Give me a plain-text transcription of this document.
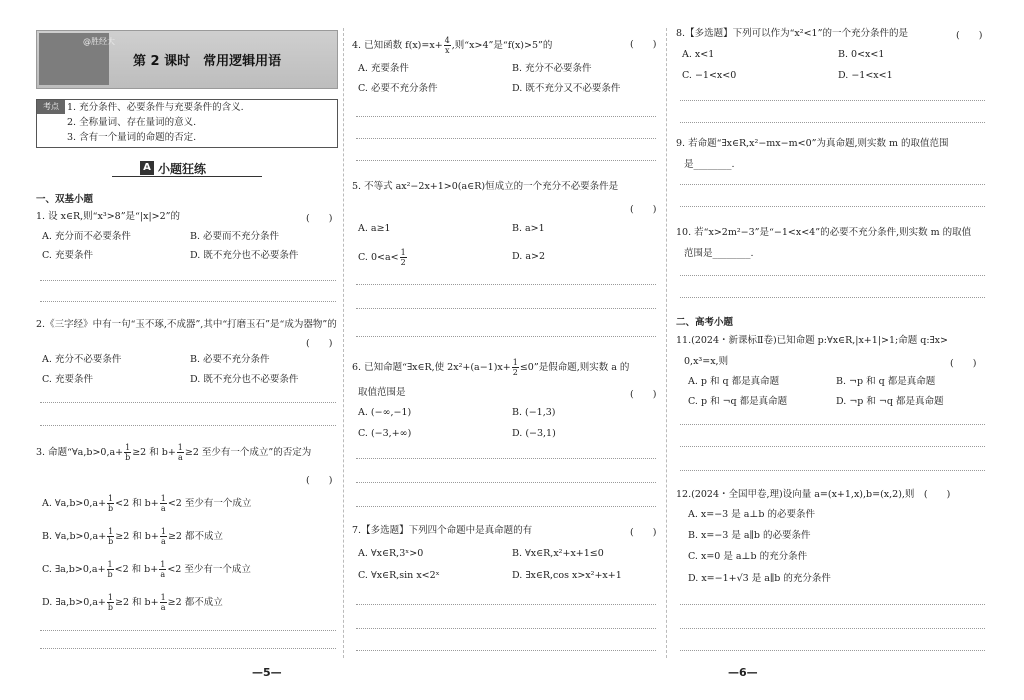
@胜经大
第 2 课时　常用逻辑用语
考点 1. 充分条件、必要条件与充要条件的含义.
2. 全称量词、存在量词的意义.
3. 含有一个量词的命题的否定.
A 小题狂练
一、双基小题
1. 设 x∈R,则“x³>8”是“|x|>2”的	(　　)
A. 充分而不必要条件	B. 必要而不充分条件
C. 充要条件	D. 既不充分也不必要条件
2.《三字经》中有一句“玉不琢,不成器”,其中“打磨玉石”是“成为器物”的
(　　)
A. 充分不必要条件	B. 必要不充分条件
C. 充要条件	D. 既不充分也不必要条件
3. 命题“∀a,b>0,a+ $\frac{1}{b} \ge 2$ 和 $b+ \frac{1}{a} \ge 2$ 至少有一个成立”的否定为
(　　)
A. ∀a,b>0,a+ $\frac{1}{b} <2$ 和 $b+ \frac{1}{a} <2$ 至少有一个成立
B. ∀a,b>0,a+ $\frac{1}{b} \ge 2$ 和 $b+ \frac{1}{a} \ge 2$ 都不成立
C. ∃a,b>0,a+ $\frac{1}{b} <2$ 和 $b+ \frac{1}{a} <2$ 至少有一个成立
D. ∃a,b>0,a+ $\frac{1}{b} \ge 2$ 和 $b+ \frac{1}{a} \ge 2$ 都不成立
—5—
4. 已知函数 $f(x)=x+ \frac{4}{x}$ ,则“x>4”是“f(x)>5”的	(　　)
A. 充要条件	B. 充分不必要条件
C. 必要不充分条件	D. 既不充分又不必要条件
5. 不等式 ax²−2x+1>0(a∈R)恒成立的一个充分不必要条件是
(　　)
A. a≥1	B. a>1
C. $0<a< \frac{1}{2}$	D. a>2
6. 已知命题“∃x∈R,使 $2x^2+(a-1)x+ \frac{1}{2} \le 0$”是假命题,则实数 a 的
取值范围是	(　　)
A. (−∞,−1)	B. (−1,3)
C. (−3,+∞)	D. (−3,1)
7.【多选题】下列四个命题中是真命题的有	(　　)
A. ∀x∈R,3ˣ>0	B. ∀x∈R,x²+x+1≤0
C. ∀x∈R,sin x<2ˣ	D. ∃x∈R,cos x>x²+x+1
8.【多选题】下列可以作为“x²<1”的一个充分条件的是	(　　)
A. x<1	B. 0<x<1
C. −1<x<0	D. −1<x<1
9. 若命题“∃x∈R,x²−mx−m<0”为真命题,则实数 m 的取值范围
是________.
10. 若“x>2m²−3”是“−1<x<4”的必要不充分条件,则实数 m 的取值
范围是________.
二、高考小题
11.(2024・新课标Ⅱ卷)已知命题 p:∀x∈R,|x+1|>1;命题 q:∃x>
0,x³=x,则	(　　)
A. p 和 q 都是真命题	B. ¬p 和 q 都是真命题
C. p 和 ¬q 都是真命题	D. ¬p 和 ¬q 都是真命题
12.(2024・全国甲卷,理)设向量 a=(x+1,x),b=(x,2),则　(　　)
A. x=−3 是 a⊥b 的必要条件
B. x=−3 是 a∥b 的必要条件
C. x=0 是 a⊥b 的充分条件
D. x=−1+√3 是 a∥b 的充分条件
—6—
